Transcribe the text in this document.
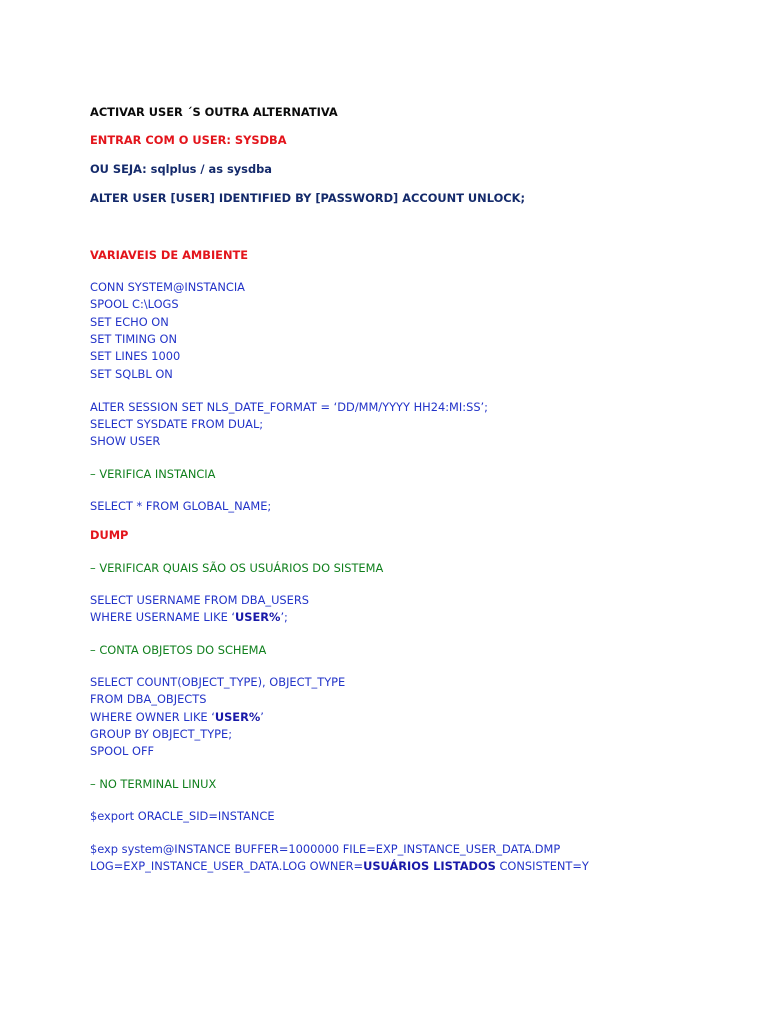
ACTIVAR USER ´S OUTRA ALTERNATIVA
ENTRAR COM O USER: SYSDBA
OU SEJA: sqlplus / as sysdba
ALTER USER [USER] IDENTIFIED BY [PASSWORD] ACCOUNT UNLOCK;
VARIAVEIS DE AMBIENTE
CONN SYSTEM@INSTANCIA
SPOOL C:\LOGS
SET ECHO ON
SET TIMING ON
SET LINES 1000
SET SQLBL ON
ALTER SESSION SET NLS_DATE_FORMAT = ‘DD/MM/YYYY HH24:MI:SS’;
SELECT SYSDATE FROM DUAL;
SHOW USER
– VERIFICA INSTANCIA
SELECT * FROM GLOBAL_NAME;
DUMP
– VERIFICAR QUAIS SÃO OS USUÁRIOS DO SISTEMA
SELECT USERNAME FROM DBA_USERS
WHERE USERNAME LIKE ‘USER%’;
– CONTA OBJETOS DO SCHEMA
SELECT COUNT(OBJECT_TYPE), OBJECT_TYPE
FROM DBA_OBJECTS
WHERE OWNER LIKE ‘USER%’
GROUP BY OBJECT_TYPE;
SPOOL OFF
– NO TERMINAL LINUX
$export ORACLE_SID=INSTANCE
$exp system@INSTANCE BUFFER=1000000 FILE=EXP_INSTANCE_USER_DATA.DMP
LOG=EXP_INSTANCE_USER_DATA.LOG OWNER=USUÁRIOS LISTADOS CONSISTENT=Y
